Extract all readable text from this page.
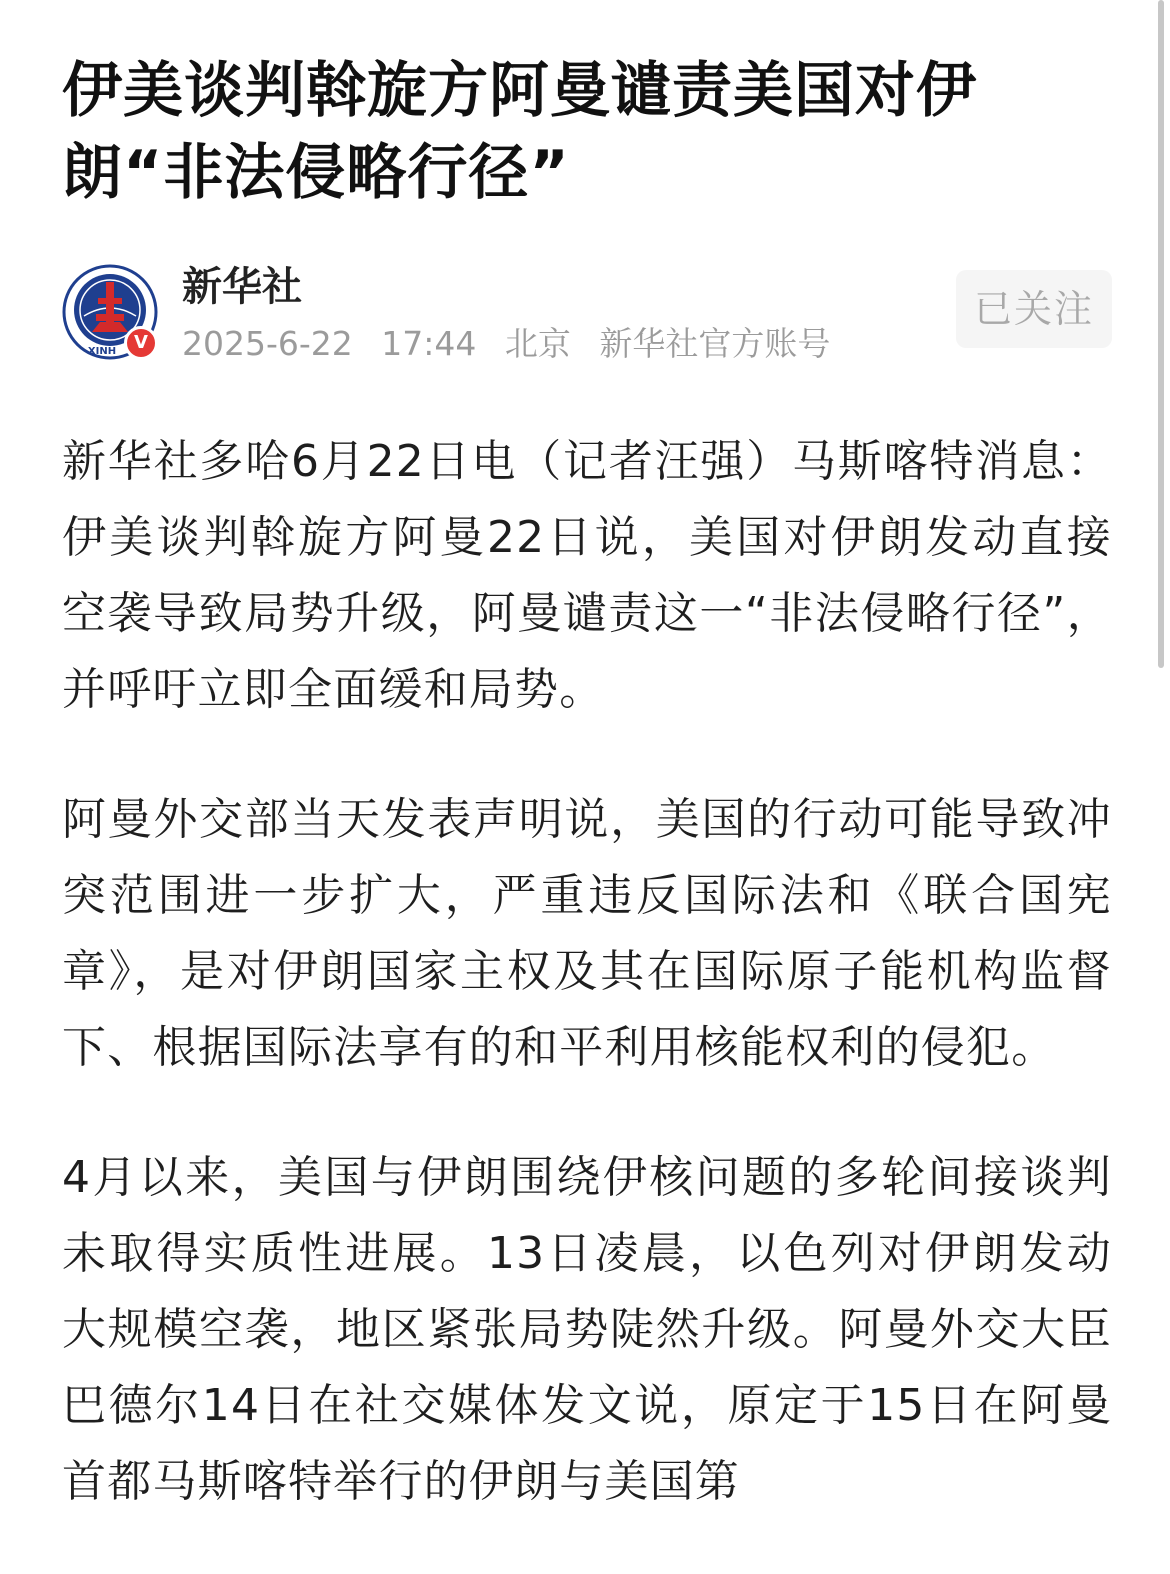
伊美谈判斡旋方阿曼谴责美国对伊朗“非法侵略行径”
XINH V
新华社
2025-6-22 17:44 北京 新华社官方账号
已关注

新华社多哈6月22日电（记者汪强）马斯喀特消息：伊美谈判斡旋方阿曼22日说，美国对伊朗发动直接空袭导致局势升级，阿曼谴责这一“非法侵略行径”，并呼吁立即全面缓和局势。

阿曼外交部当天发表声明说，美国的行动可能导致冲突范围进一步扩大，严重违反国际法和《联合国宪章》，是对伊朗国家主权及其在国际原子能机构监督下、根据国际法享有的和平利用核能权利的侵犯。

4月以来，美国与伊朗围绕伊核问题的多轮间接谈判未取得实质性进展。13日凌晨，以色列对伊朗发动大规模空袭，地区紧张局势陡然升级。阿曼外交大臣巴德尔14日在社交媒体发文说，原定于15日在阿曼首都马斯喀特举行的伊朗与美国第
